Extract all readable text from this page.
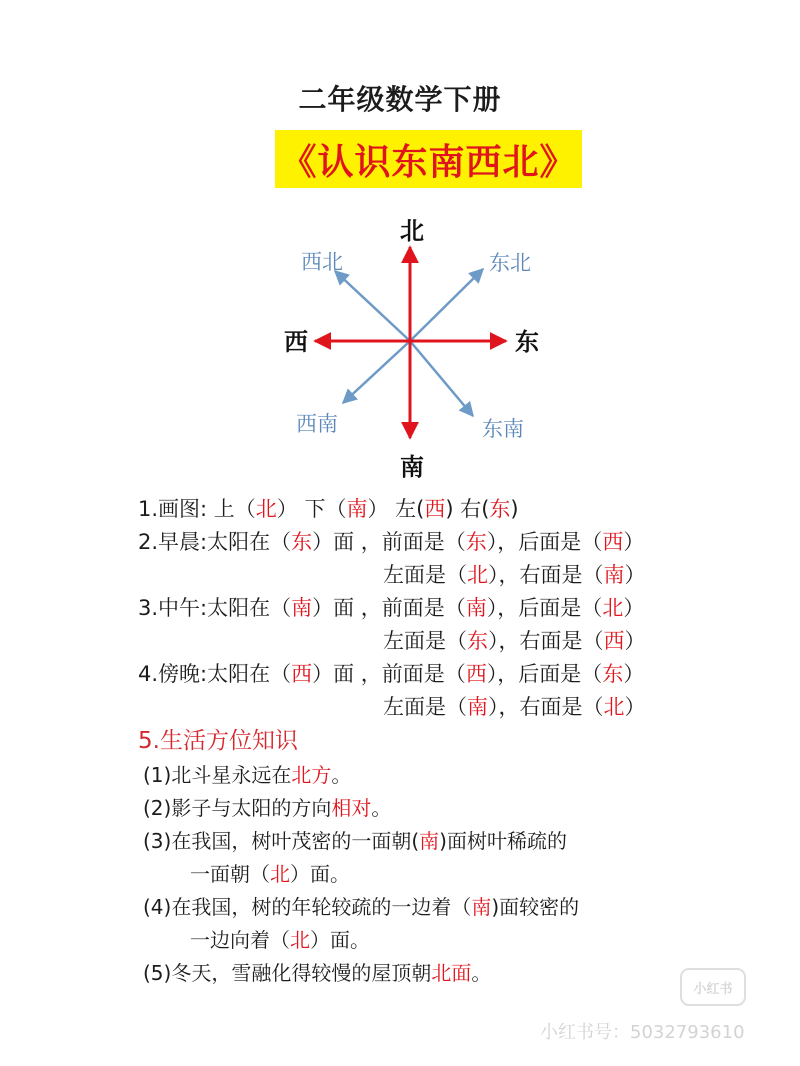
二年级数学下册
《认识东南西北》
北
南
东
西
西北	东北
西南	东南
1.画图: 上（北） 下（南） 左(西) 右(东)
2.早晨:太阳在（东）面 ，前面是（东），后面是（西）
左面是（北），右面是（南）
3.中午:太阳在（南）面 ，前面是（南），后面是（北）
左面是（东），右面是（西）
4.傍晚:太阳在（西）面 ，前面是（西），后面是（东）
左面是（南），右面是（北）
5.生活方位知识
(1)北斗星永远在北方。
(2)影子与太阳的方向相对。
(3)在我国，树叶茂密的一面朝(南)面树叶稀疏的
一面朝（北）面。
(4)在我国，树的年轮较疏的一边着（南)面较密的
一边向着（北）面。
(5)冬天，雪融化得较慢的屋顶朝北面。
小红书
小红书号：5032793610
